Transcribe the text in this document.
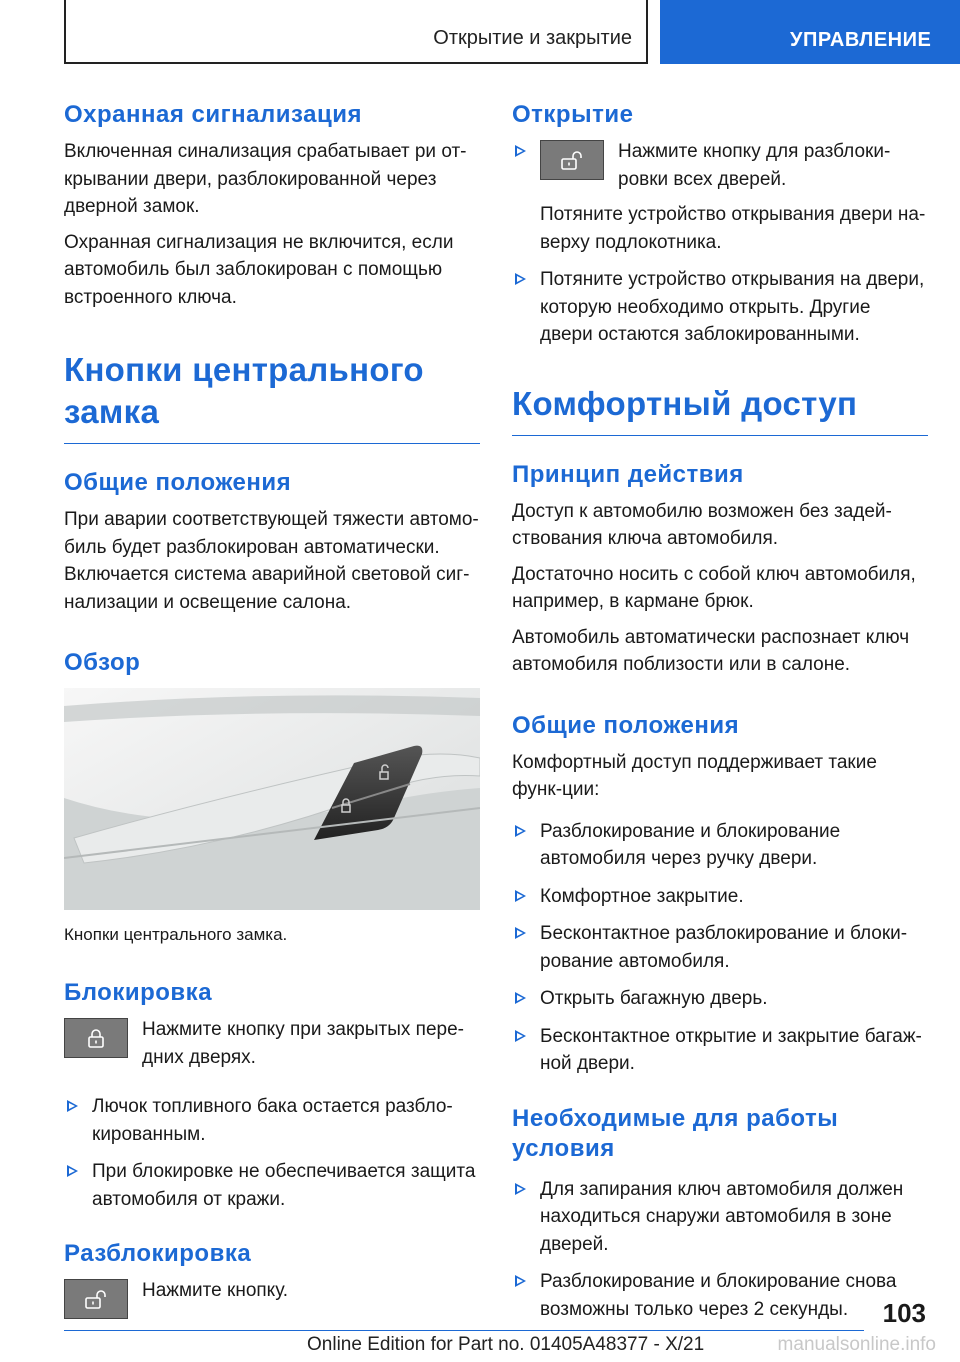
Открытие и закрытие	УПРАВЛЕНИЕ
Охранная сигнализация

Включенная синализация срабатывает ри от-крывании двери, разблокированной через дверной замок.

Охранная сигнализация не включится, если автомобиль был заблокирован с помощью встроенного ключа.

Кнопки центрального замка
Общие положения

При аварии соответствующей тяжести автомо-биль будет разблокирован автоматически. Включается система аварийной световой сиг-нализации и освещение салона.

Обзор

Кнопки центрального замка.

Блокировка
Нажмите кнопку при закрытых пере-дних дверях.
Лючок топливного бака остается разбло-кированным.
При блокировке не обеспечивается защита автомобиля от кражи.
Разблокировка
Нажмите кнопку.
Открытие
Нажмите кнопку для разблоки-ровки всех дверей.
Потяните устройство открывания двери на-верху подлокотника.
Потяните устройство открывания на двери, которую необходимо открыть. Другие двери остаются заблокированными.
Комфортный доступ
Принцип действия

Доступ к автомобилю возможен без задей-ствования ключа автомобиля.

Достаточно носить с собой ключ автомобиля, например, в кармане брюк.

Автомобиль автоматически распознает ключ автомобиля поблизости или в салоне.

Общие положения

Комфортный доступ поддерживает такие функ-ции:

Разблокирование и блокирование автомобиля через ручку двери.
Комфортное закрытие.
Бесконтактное разблокирование и блоки-рование автомобиля.
Открыть багажную дверь.
Бесконтактное открытие и закрытие багаж-ной двери.
Необходимые для работы условия
Для запирания ключ автомобиля должен находиться снаружи автомобиля в зоне дверей.
Разблокирование и блокирование снова возможны только через 2 секунды.	103
Online Edition for Part no. 01405A48377 - X/21	manualsonline.info
